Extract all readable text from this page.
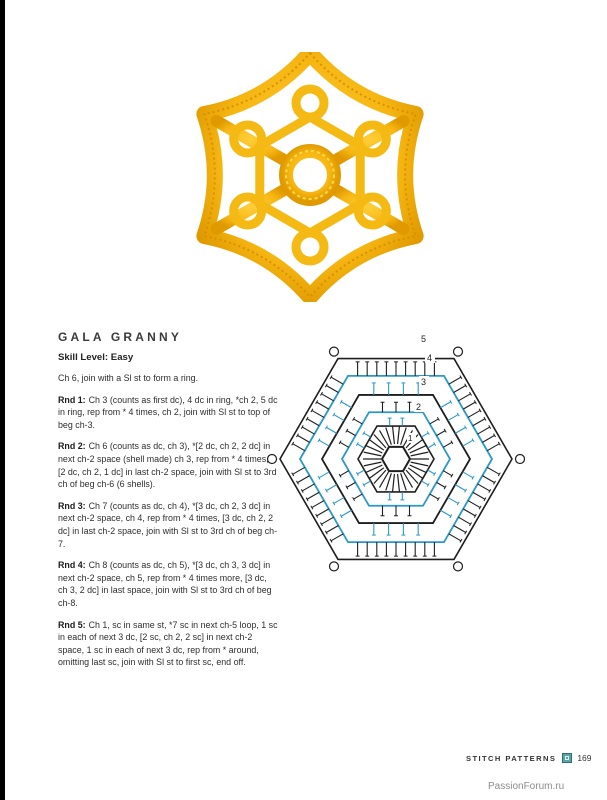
GALA GRANNY
Skill Level: Easy
Ch 6, join with a Sl st to form a ring.
Rnd 1: Ch 3 (counts as first dc), 4 dc in ring, *ch 2, 5 dc in ring, rep from * 4 times, ch 2, join with Sl st to top of beg ch-3.
Rnd 2: Ch 6 (counts as dc, ch 3), *[2 dc, ch 2, 2 dc] in next ch-2 space (shell made) ch 3, rep from * 4 times, [2 dc, ch 2, 1 dc] in last ch-2 space, join with Sl st to 3rd ch of beg ch-6 (6 shells).
Rnd 3: Ch 7 (counts as dc, ch 4), *[3 dc, ch 2, 3 dc] in next ch-2 space, ch 4, rep from * 4 times, [3 dc, ch 2, 2 dc] in last ch-2 space, join with Sl st to 3rd ch of beg ch-7.
Rnd 4: Ch 8 (counts as dc, ch 5), *[3 dc, ch 3, 3 dc] in next ch-2 space, ch 5, rep from * 4 times more, [3 dc, ch 3, 2 dc] in last space, join with Sl st to 3rd ch of beg ch-8.
Rnd 5: Ch 1, sc in same st, *7 sc in next ch-5 loop, 1 sc in each of next 3 dc, [2 sc, ch 2, 2 sc] in next ch-2 space, 1 sc in each of next 3 dc, rep from * around, omitting last sc, join with Sl st to first sc, end off.
5
4
3
2
1
STITCH PATTERNS 169
PassionForum.ru
